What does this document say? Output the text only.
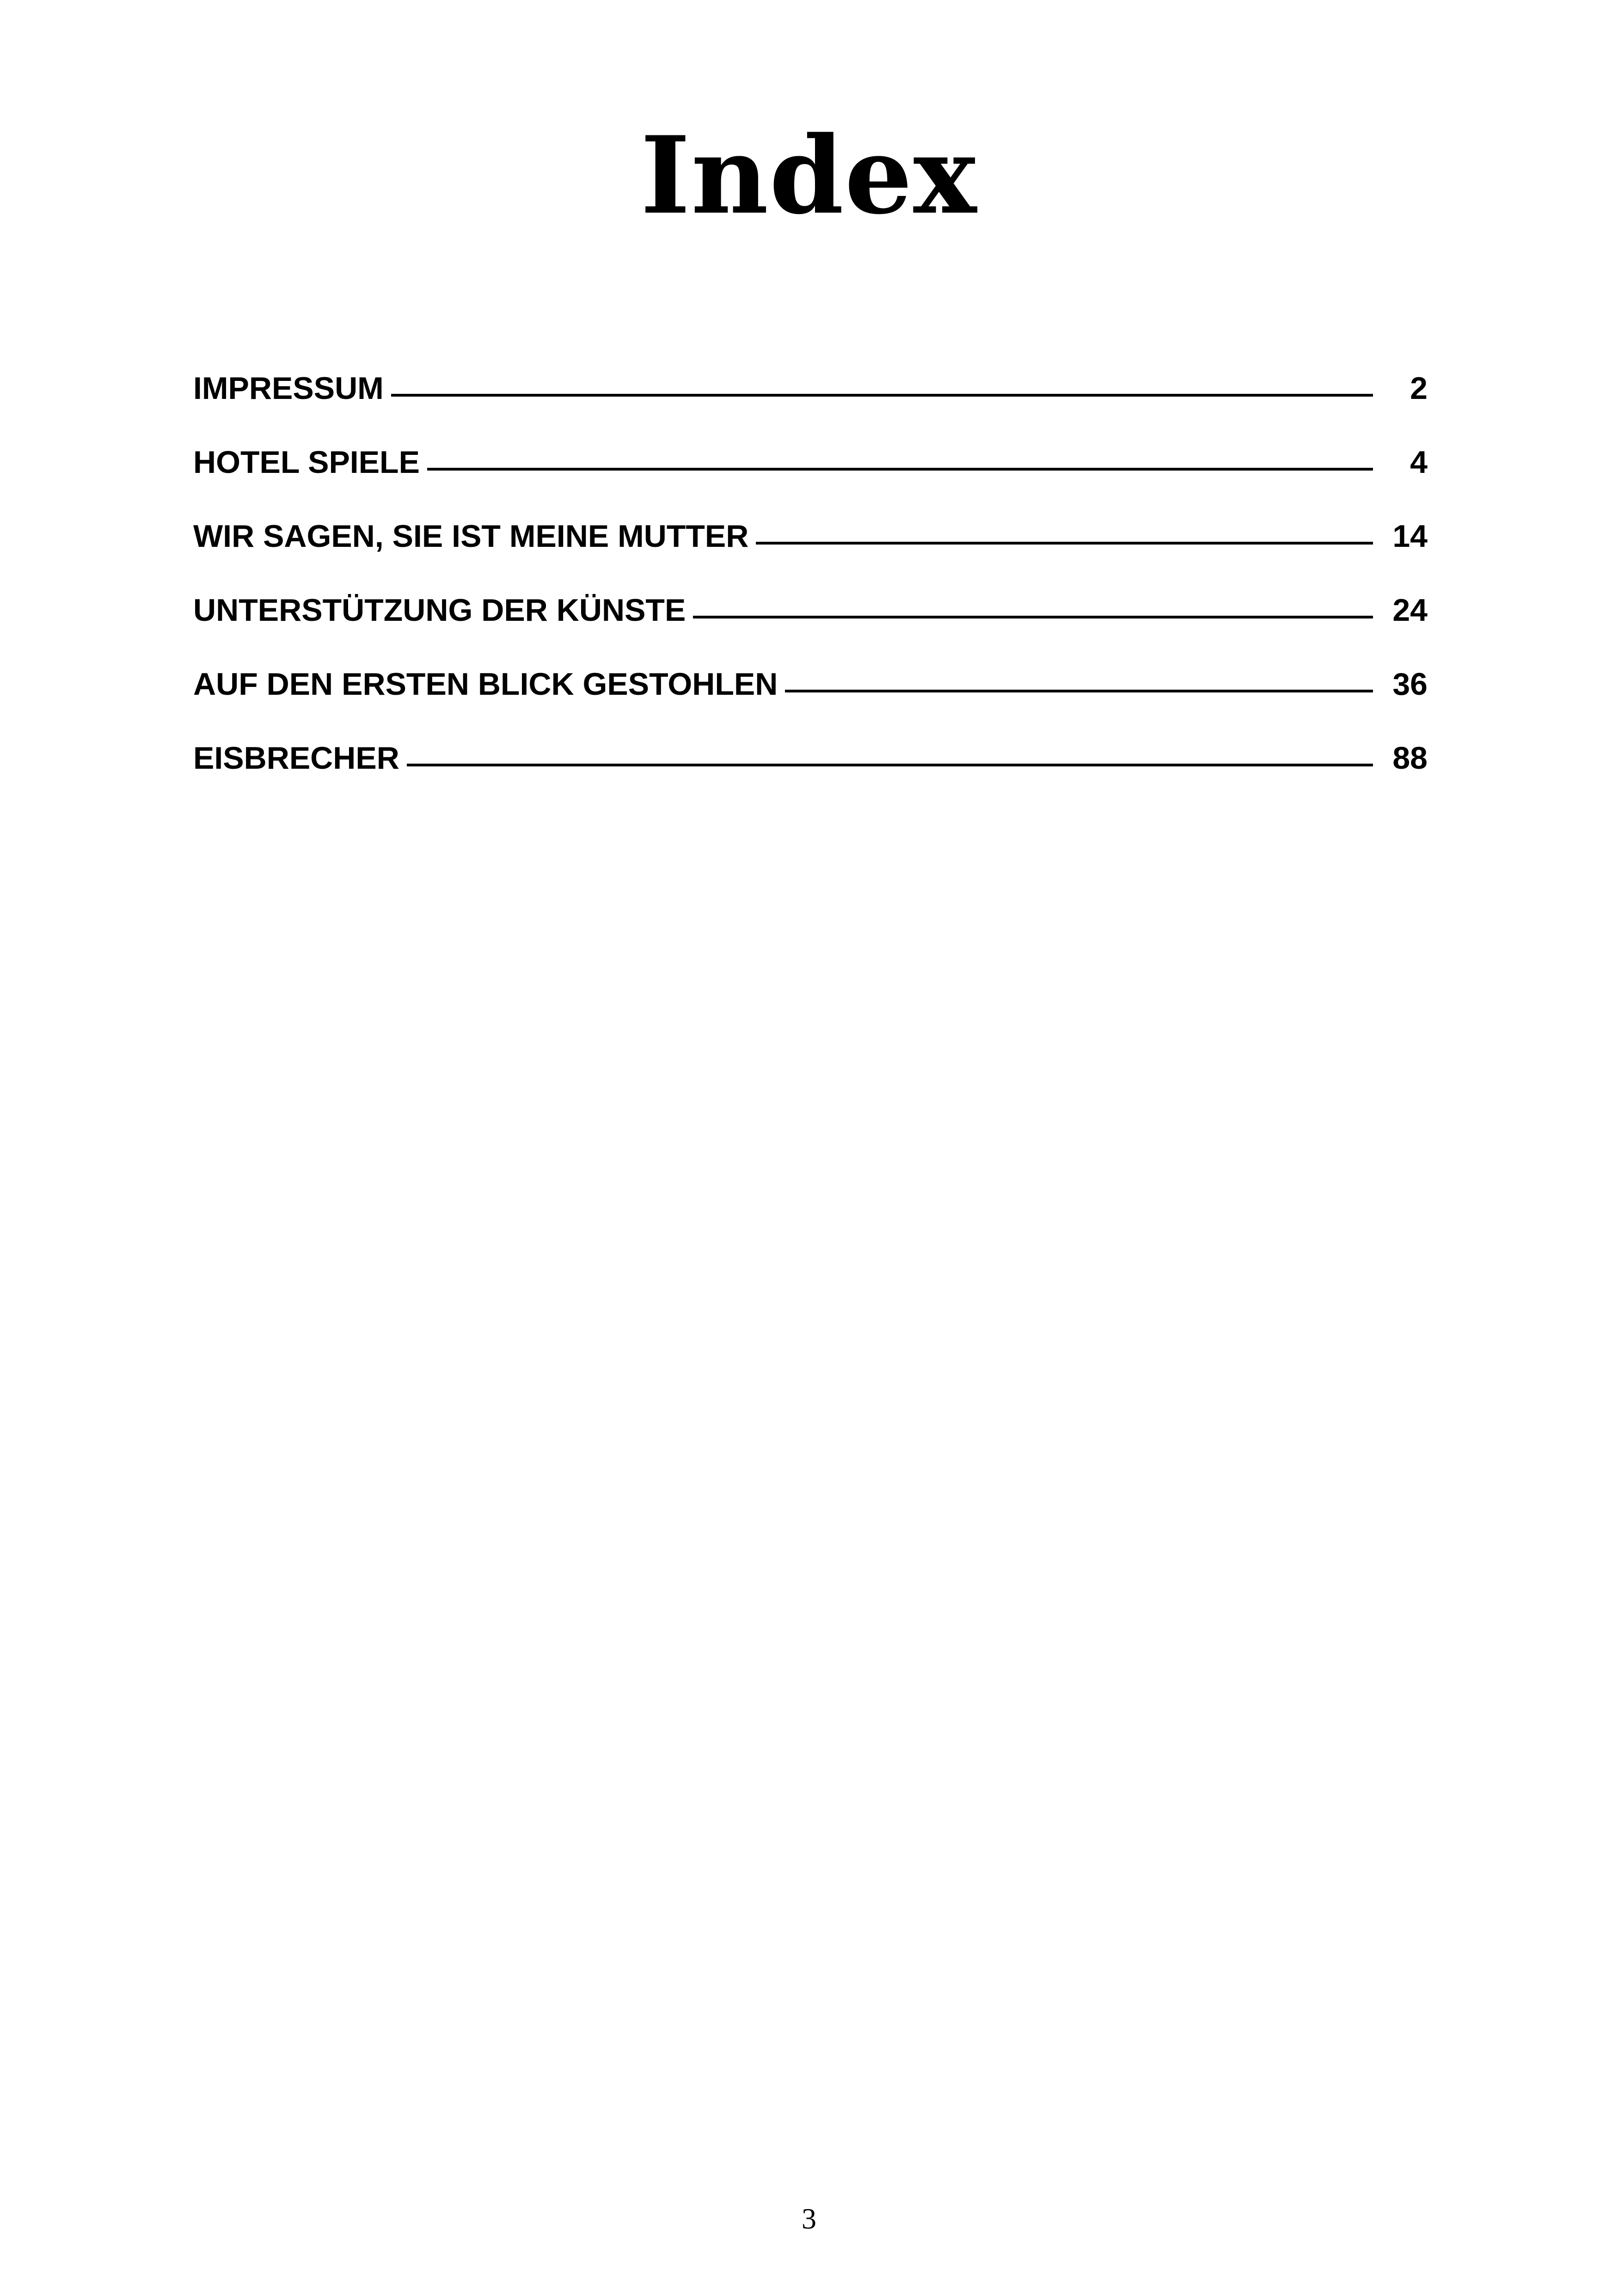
Index
IMPRESSUM	2
HOTEL SPIELE	4
WIR SAGEN, SIE IST MEINE MUTTER	14
UNTERSTÜTZUNG DER KÜNSTE	24
AUF DEN ERSTEN BLICK GESTOHLEN	36
EISBRECHER	88
3
